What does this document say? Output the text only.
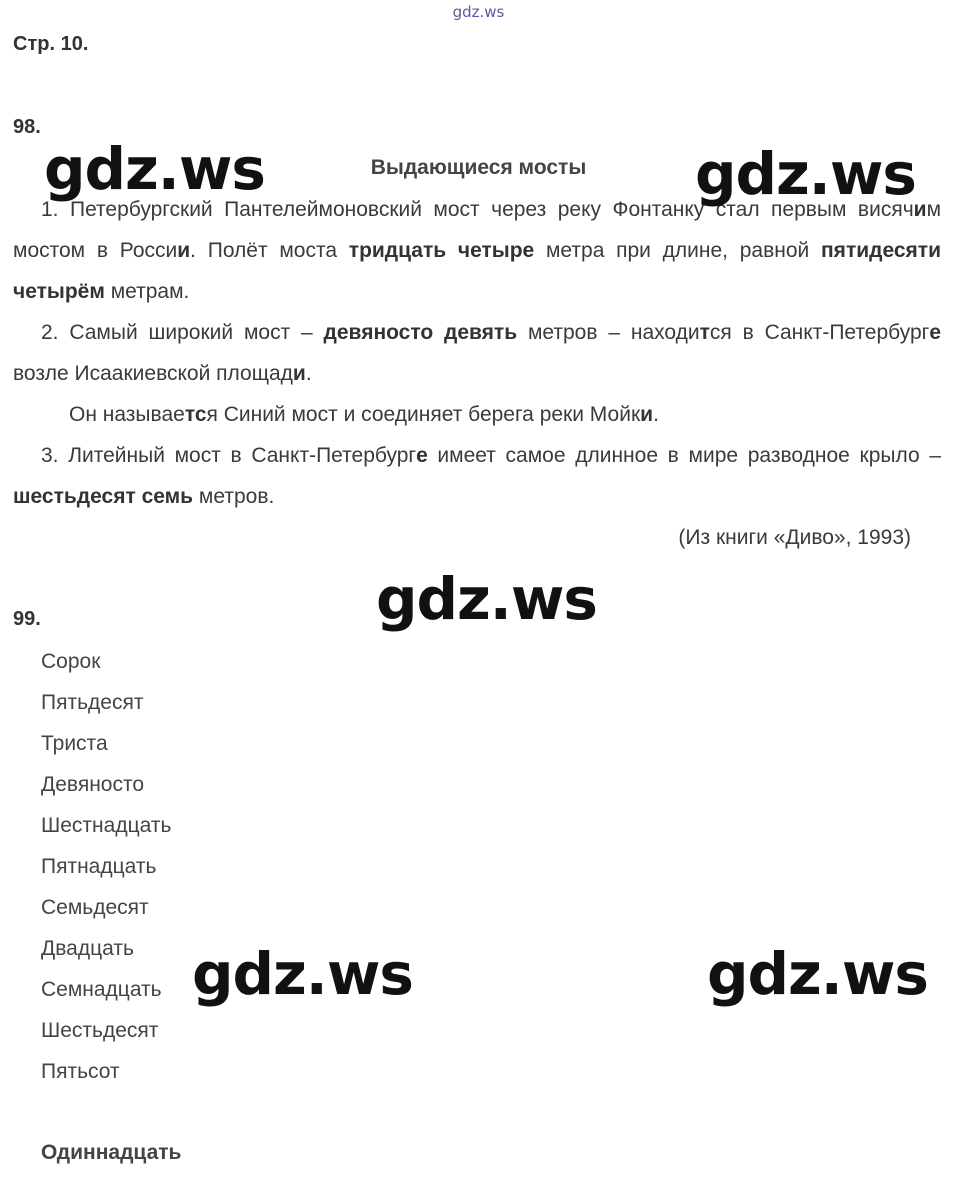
gdz.ws
Стр. 10.
98.
Выдающиеся мосты
1. Петербургский Пантелеймоновский мост через реку Фонтанку стал первым висячим мостом в России. Полёт моста тридцать четыре метра при длине, равной пятидесяти четырём метрам.
2. Самый широкий мост – девяносто девять метров – находится в Санкт-Петербурге возле Исаакиевской площади.
Он называется Синий мост и соединяет берега реки Мойки.
3. Литейный мост в Санкт-Петербурге имеет самое длинное в мире разводное крыло – шестьдесят семь метров.
(Из книги «Диво», 1993)
99.
Сорок
Пятьдесят
Триста
Девяносто
Шестнадцать
Пятнадцать
Семьдесят
Двадцать
Семнадцать
Шестьдесят
Пятьсот
Одиннадцать
gdz.ws	gdz.ws
gdz.ws
gdz.ws	gdz.ws
